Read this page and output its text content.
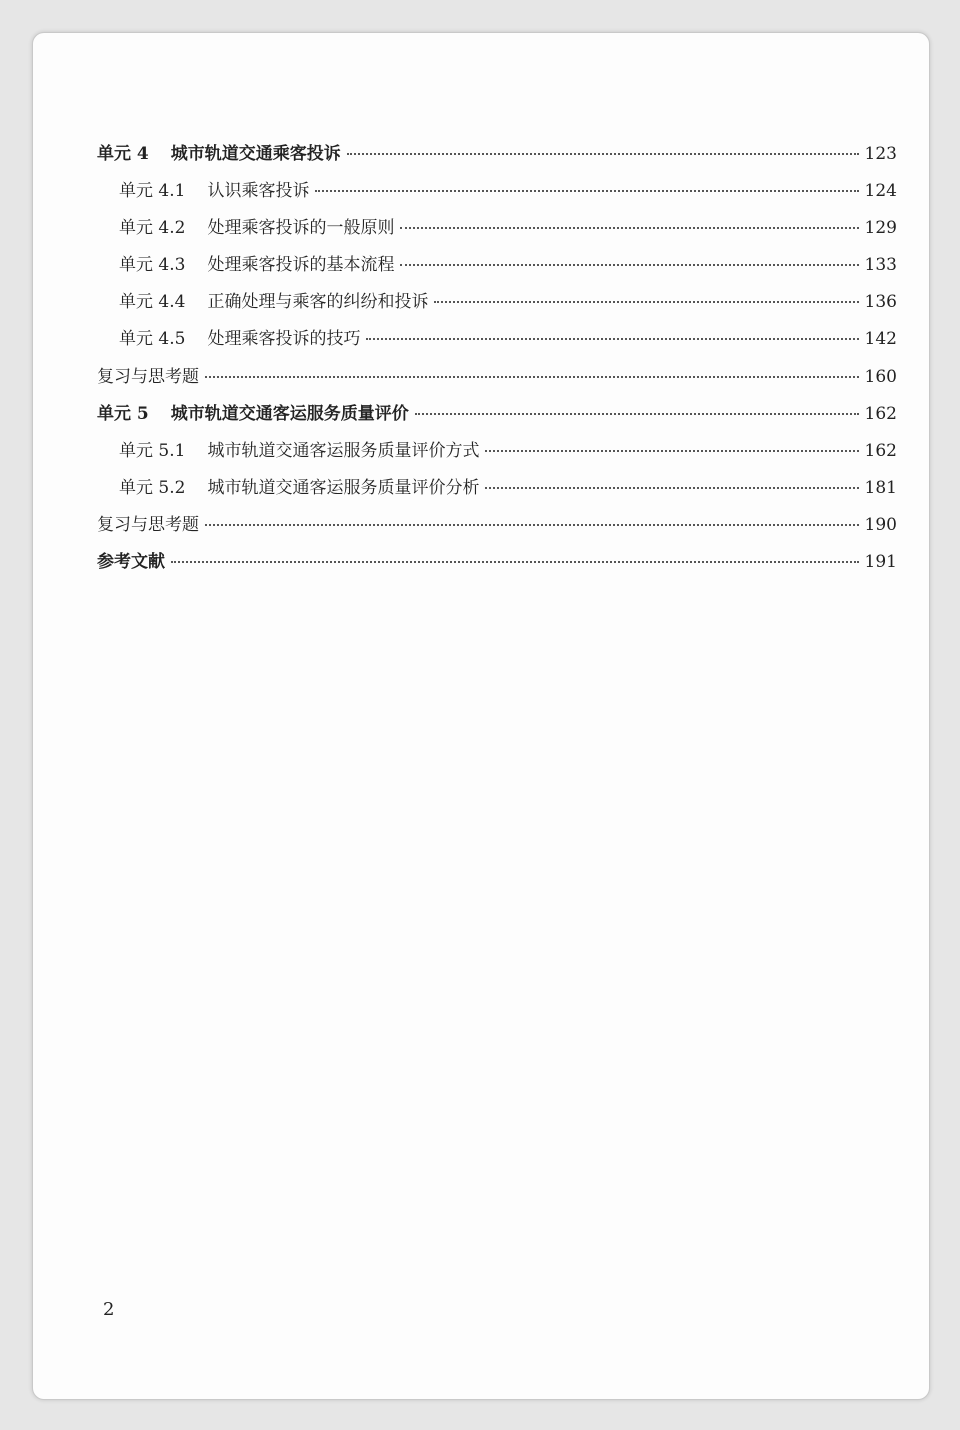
单元 4 城市轨道交通乘客投诉	123
单元 4.1 认识乘客投诉	124
单元 4.2 处理乘客投诉的一般原则	129
单元 4.3 处理乘客投诉的基本流程	133
单元 4.4 正确处理与乘客的纠纷和投诉	136
单元 4.5 处理乘客投诉的技巧	142
复习与思考题	160
单元 5 城市轨道交通客运服务质量评价	162
单元 5.1 城市轨道交通客运服务质量评价方式	162
单元 5.2 城市轨道交通客运服务质量评价分析	181
复习与思考题	190
参考文献	191
2
